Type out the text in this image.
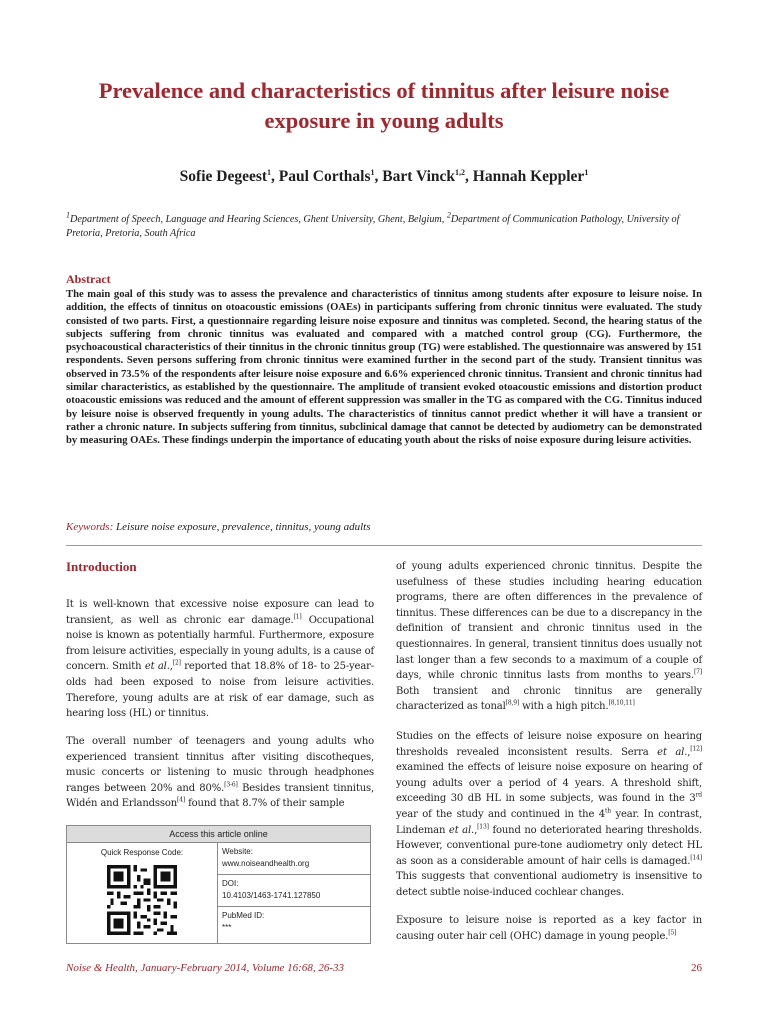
Prevalence and characteristics of tinnitus after leisure noise exposure in young adults

Sofie Degeest$^1$, Paul Corthals$^1$, Bart Vinck$^{1,2}$, Hannah Keppler$^1$

$^1$Department of Speech, Language and Hearing Sciences, Ghent University, Ghent, Belgium, $^2$Department of Communication Pathology, University of Pretoria, Pretoria, South Africa

Abstract

The main goal of this study was to assess the prevalence and characteristics of tinnitus among students after exposure to leisure noise. In addition, the effects of tinnitus on otoacoustic emissions (OAEs) in participants suffering from chronic tinnitus were evaluated. The study consisted of two parts. First, a questionnaire regarding leisure noise exposure and tinnitus was completed. Second, the hearing status of the subjects suffering from chronic tinnitus was evaluated and compared with a matched control group (CG). Furthermore, the psychoacoustical characteristics of their tinnitus in the chronic tinnitus group (TG) were established. The questionnaire was answered by 151 respondents. Seven persons suffering from chronic tinnitus were examined further in the second part of the study. Transient tinnitus was observed in 73.5% of the respondents after leisure noise exposure and 6.6% experienced chronic tinnitus. Transient and chronic tinnitus had similar characteristics, as established by the questionnaire. The amplitude of transient evoked otoacoustic emissions and distortion product otoacoustic emissions was reduced and the amount of efferent suppression was smaller in the TG as compared with the CG. Tinnitus induced by leisure noise is observed frequently in young adults. The characteristics of tinnitus cannot predict whether it will have a transient or rather a chronic nature. In subjects suffering from tinnitus, subclinical damage that cannot be detected by audiometry can be demonstrated by measuring OAEs. These findings underpin the importance of educating youth about the risks of noise exposure during leisure activities.

Keywords: Leisure noise exposure, prevalence, tinnitus, young adults

Introduction

It is well-known that excessive noise exposure can lead to transient, as well as chronic ear damage.[1] Occupational noise is known as potentially harmful. Furthermore, exposure from leisure activities, especially in young adults, is a cause of concern. Smith et al.,[2] reported that 18.8% of 18- to 25-year-olds had been exposed to noise from leisure activities. Therefore, young adults are at risk of ear damage, such as hearing loss (HL) or tinnitus.

The overall number of teenagers and young adults who experienced transient tinnitus after visiting discotheques, music concerts or listening to music through headphones ranges between 20% and 80%.[3-6] Besides transient tinnitus, Widén and Erlandsson[4] found that 8.7% of their sample

Access this article online
Quick Response Code:	Website:
www.noiseandhealth.org
DOI:
10.4103/1463-1741.127850
PubMed ID:
***

of young adults experienced chronic tinnitus. Despite the usefulness of these studies including hearing education programs, there are often differences in the prevalence of tinnitus. These differences can be due to a discrepancy in the definition of transient and chronic tinnitus used in the questionnaires. In general, transient tinnitus does usually not last longer than a few seconds to a maximum of a couple of days, while chronic tinnitus lasts from months to years.[7] Both transient and chronic tinnitus are generally characterized as tonal[8,9] with a high pitch.[8,10,11]

Studies on the effects of leisure noise exposure on hearing thresholds revealed inconsistent results. Serra et al.,[12] examined the effects of leisure noise exposure on hearing of young adults over a period of 4 years. A threshold shift, exceeding 30 dB HL in some subjects, was found in the 3rd year of the study and continued in the 4th year. In contrast, Lindeman et al.,[13] found no deteriorated hearing thresholds. However, conventional pure-tone audiometry only detect HL as soon as a considerable amount of hair cells is damaged.[14] This suggests that conventional audiometry is insensitive to detect subtle noise-induced cochlear changes.

Exposure to leisure noise is reported as a key factor in causing outer hair cell (OHC) damage in young people.[5]

Noise & Health, January-February 2014, Volume 16:68, 26-33	26
